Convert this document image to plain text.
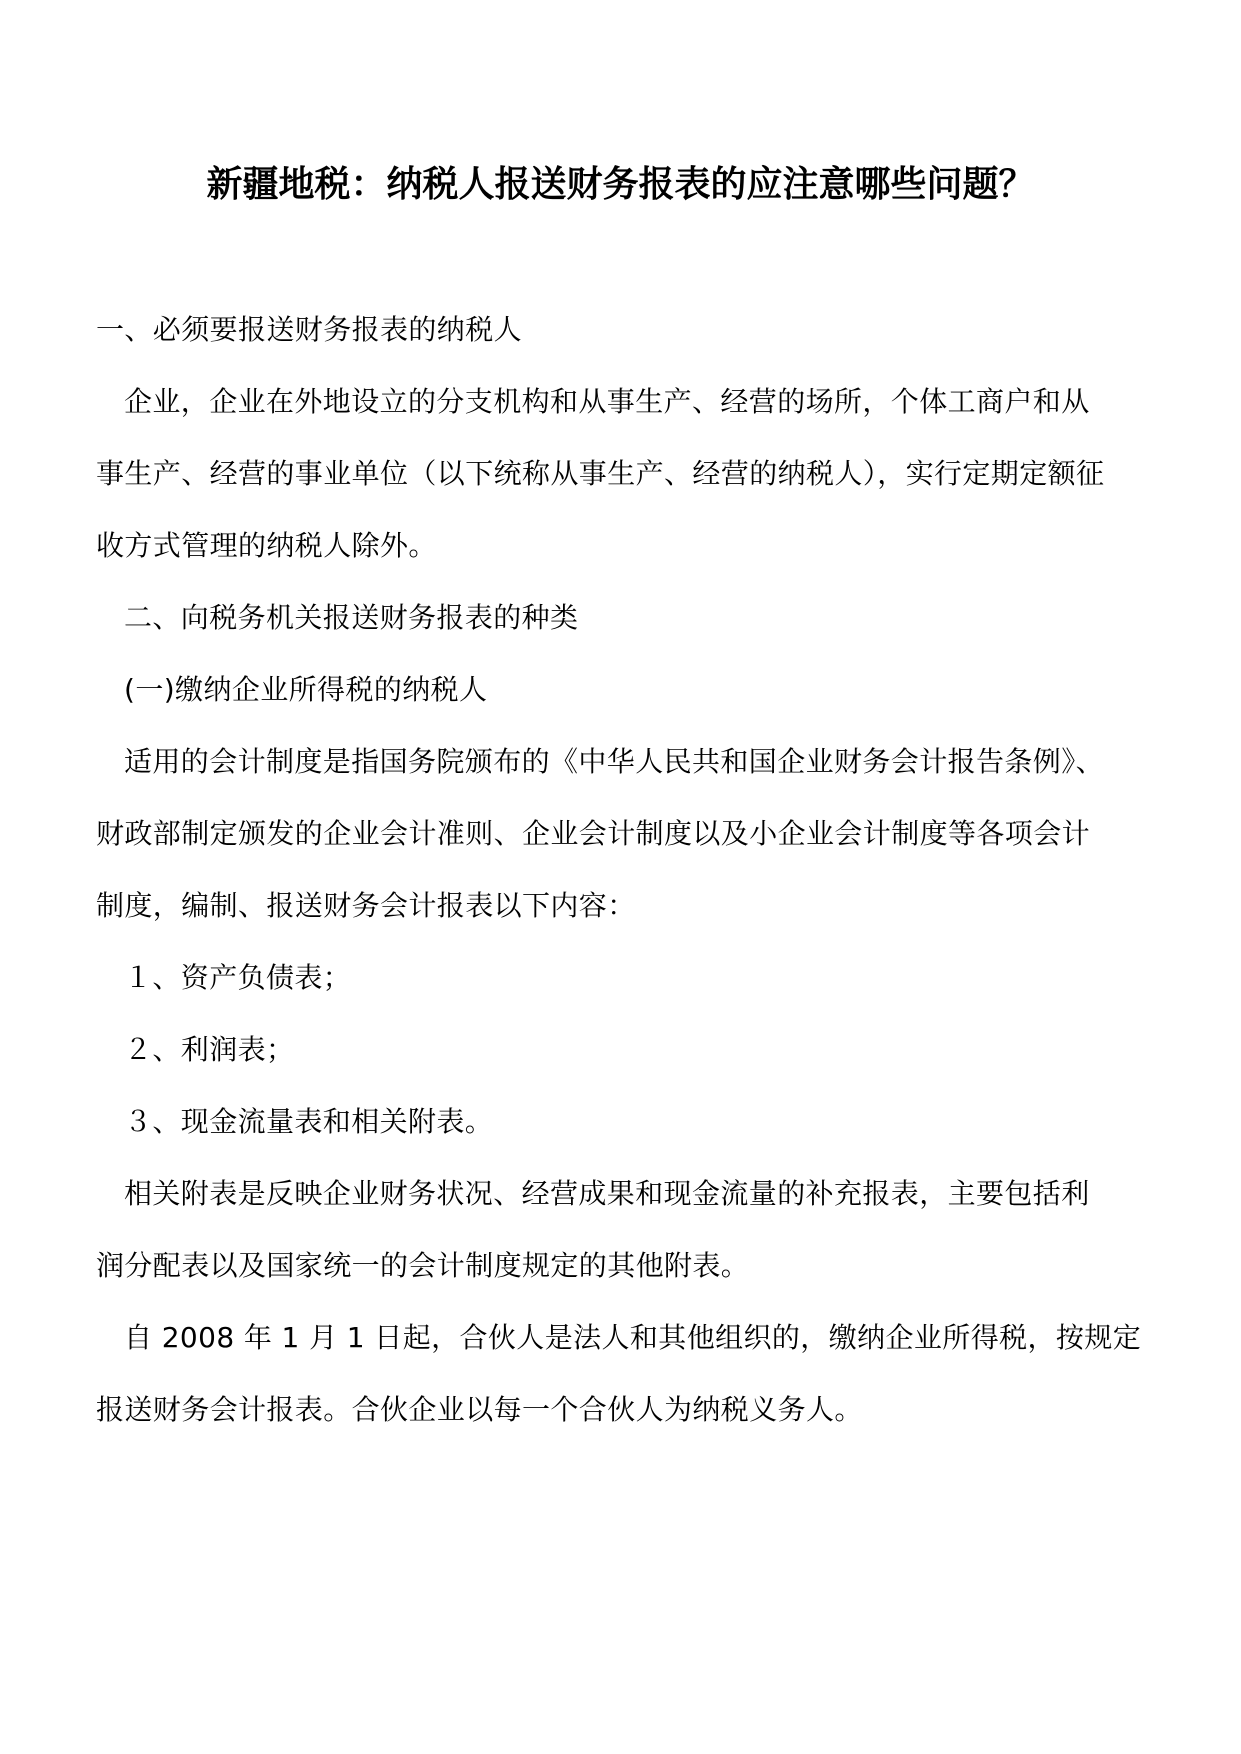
新疆地税：纳税人报送财务报表的应注意哪些问题？
一、必须要报送财务报表的纳税人
企业，企业在外地设立的分支机构和从事生产、经营的场所，个体工商户和从
事生产、经营的事业单位（以下统称从事生产、经营的纳税人），实行定期定额征
收方式管理的纳税人除外。
二、向税务机关报送财务报表的种类
(一)缴纳企业所得税的纳税人
适用的会计制度是指国务院颁布的《中华人民共和国企业财务会计报告条例》、
财政部制定颁发的企业会计准则、企业会计制度以及小企业会计制度等各项会计
制度，编制、报送财务会计报表以下内容：
１、资产负债表；
２、利润表；
３、现金流量表和相关附表。
相关附表是反映企业财务状况、经营成果和现金流量的补充报表，主要包括利
润分配表以及国家统一的会计制度规定的其他附表。
自 2008 年 1 月 1 日起，合伙人是法人和其他组织的，缴纳企业所得税，按规定
报送财务会计报表。合伙企业以每一个合伙人为纳税义务人。
